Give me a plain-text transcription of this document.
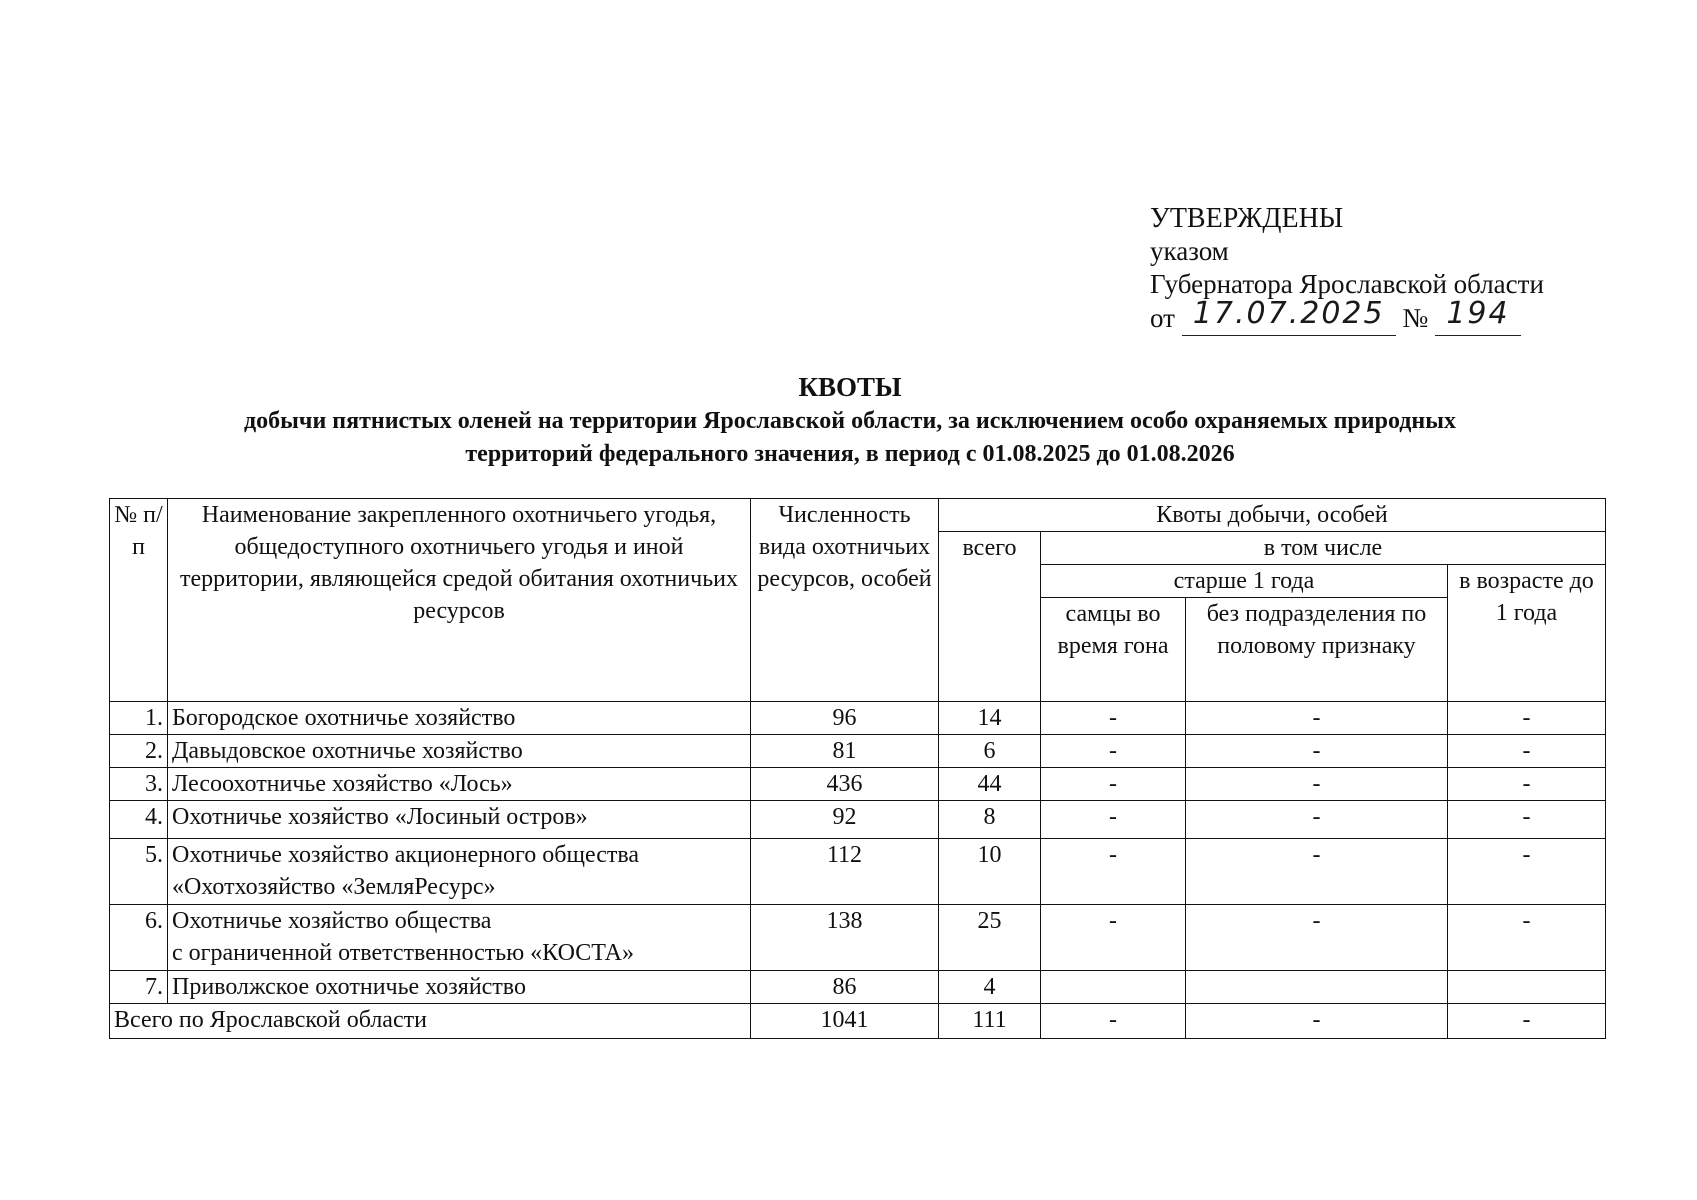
УТВЕРЖДЕНЫ
указом
Губернатора Ярославской области
от 17.07.2025 № 194
КВОТЫ
добычи пятнистых оленей на территории Ярославской области, за исключением особо охраняемых природных
территорий федерального значения, в период с 01.08.2025 до 01.08.2026
№ п/п	Наименование закрепленного охотничьего угодья, общедоступного охотничьего угодья и иной территории, являющейся средой обитания охотничьих ресурсов	Численность вида охотничьих ресурсов, особей	Квоты добычи, особей			
			всего	в том числе		
				старше 1 года		в возрасте до 1 года
				самцы во время гона	без подразделения по половому признаку	
1.	Богородское охотничье хозяйство	96	14	-	-	-
2.	Давыдовское охотничье хозяйство	81	6	-	-	-
3.	Лесоохотничье хозяйство «Лось»	436	44	-	-	-
4.	Охотничье хозяйство «Лосиный остров»	92	8	-	-	-
5.	Охотничье хозяйство акционерного общества
«Охотхозяйство «ЗемляРесурс»	112	10	-	-	-
6.	Охотничье хозяйство общества
с ограниченной ответственностью «КОСТА»	138	25	-	-	-
7.	Приволжское охотничье хозяйство	86	4			
Всего по Ярославской области		1041	111	-	-	-
